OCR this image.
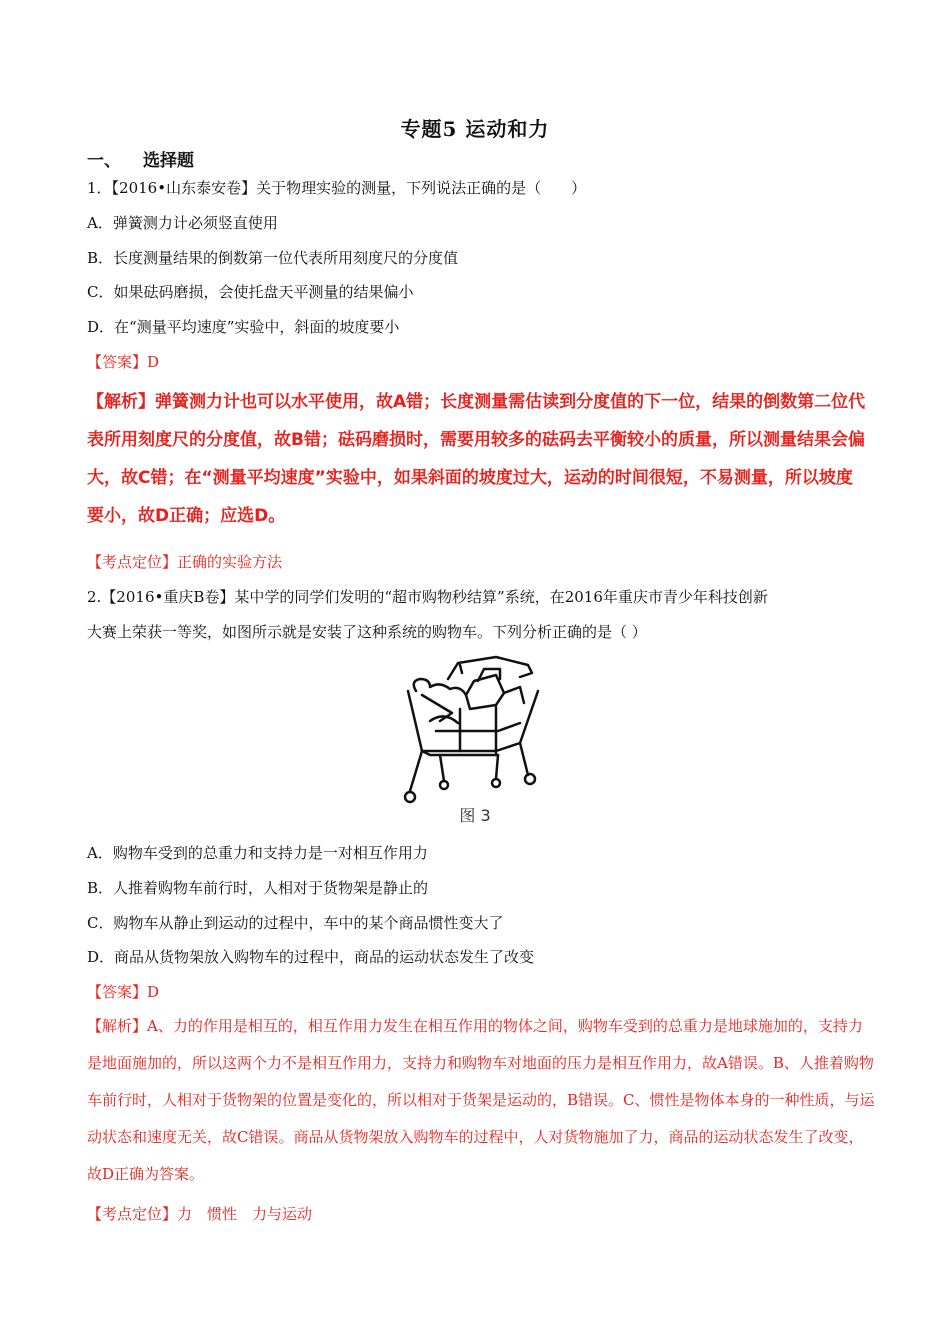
专题5 运动和力
一、 选择题
1．【2016•山东泰安卷】关于物理实验的测量，下列说法正确的是（　　）
A．弹簧测力计必须竖直使用
B．长度测量结果的倒数第一位代表所用刻度尺的分度值
C．如果砝码磨损，会使托盘天平测量的结果偏小
D．在“测量平均速度”实验中，斜面的坡度要小
【答案】D
【解析】弹簧测力计也可以水平使用，故A错；长度测量需估读到分度值的下一位，结果的倒数第二位代表所用刻度尺的分度值，故B错；砝码磨损时，需要用较多的砝码去平衡较小的质量，所以测量结果会偏大，故C错；在“测量平均速度”实验中，如果斜面的坡度过大，运动的时间很短，不易测量，所以坡度要小，故D正确；应选D。
【考点定位】正确的实验方法
2.【2016•重庆B卷】某中学的同学们发明的“超市购物秒结算”系统，在2016年重庆市青少年科技创新
大赛上荣获一等奖，如图所示就是安装了这种系统的购物车。下列分析正确的是（ ）
图 3
A．购物车受到的总重力和支持力是一对相互作用力
B．人推着购物车前行时，人相对于货物架是静止的
C．购物车从静止到运动的过程中，车中的某个商品惯性变大了
D．商品从货物架放入购物车的过程中，商品的运动状态发生了改变
【答案】D
【解析】A、力的作用是相互的，相互作用力发生在相互作用的物体之间，购物车受到的总重力是地球施加的，支持力是地面施加的，所以这两个力不是相互作用力，支持力和购物车对地面的压力是相互作用力，故A错误。B、人推着购物车前行时，人相对于货物架的位置是变化的，所以相对于货架是运动的，B错误。C、惯性是物体本身的一种性质，与运动状态和速度无关，故C错误。商品从货物架放入购物车的过程中，人对货物施加了力，商品的运动状态发生了改变，故D正确为答案。
【考点定位】力　惯性　力与运动
